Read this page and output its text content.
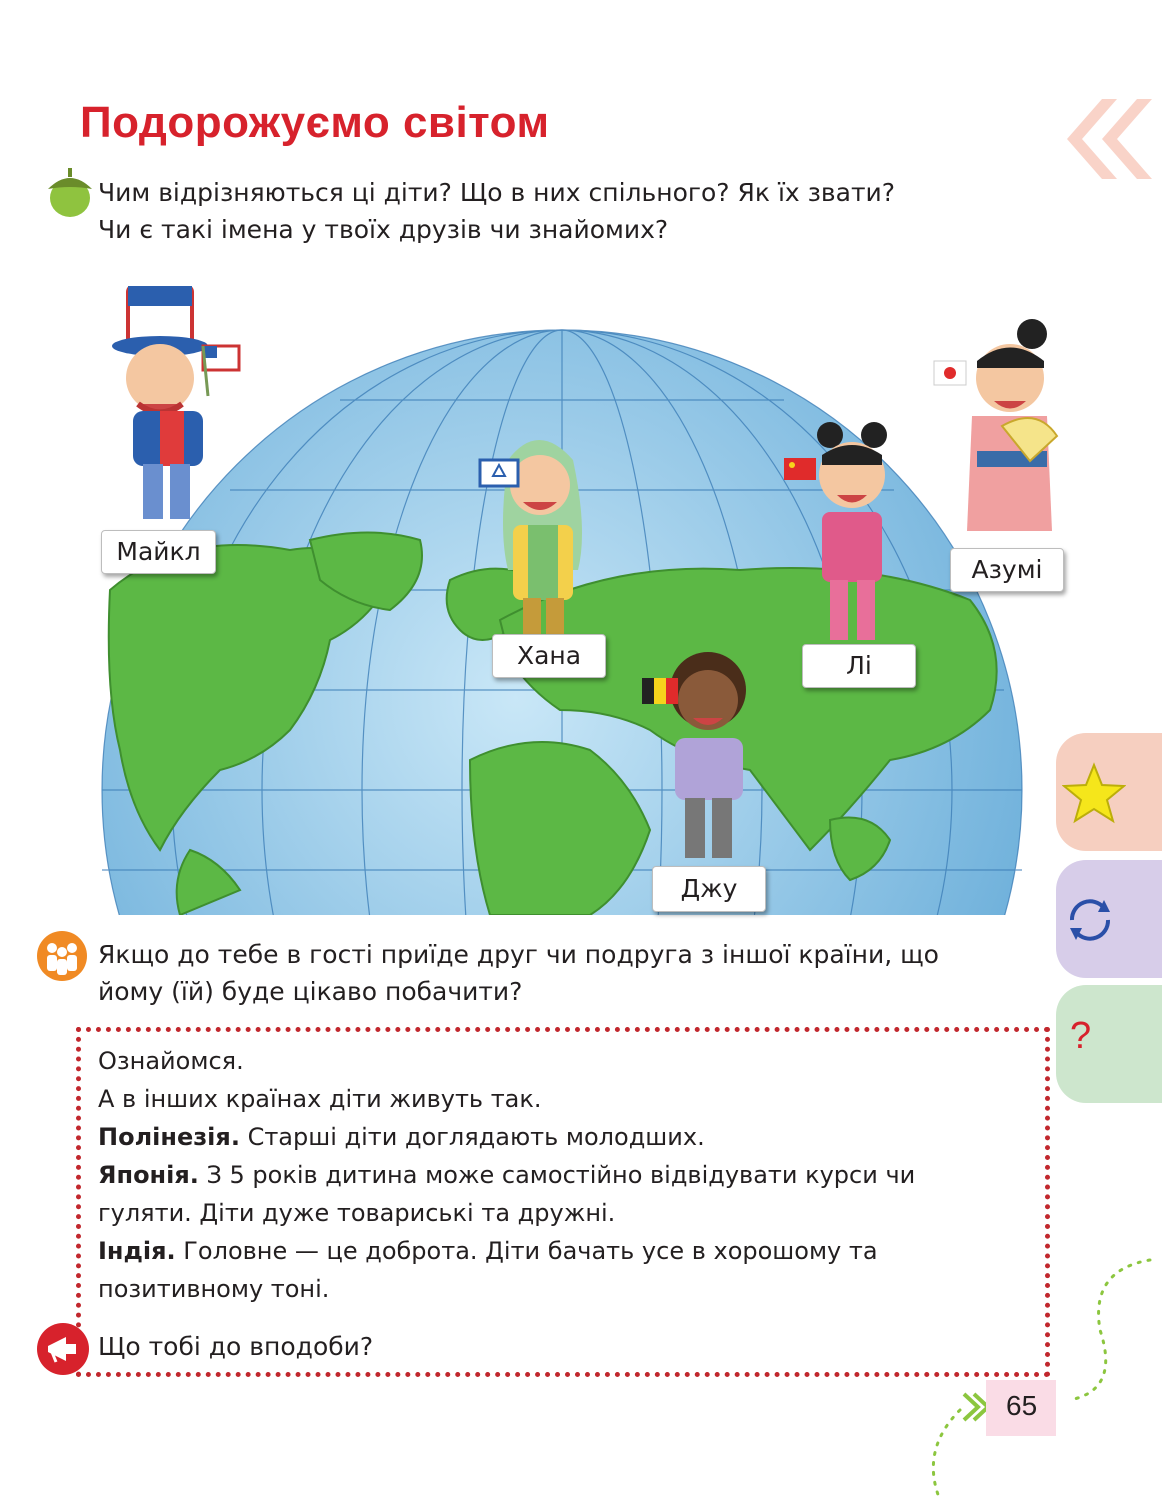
Подорожуємо світом
Чим відрізняються ці діти? Що в них спільного? Як їх звати?
Чи є такі імена у твоїх друзів чи знайомих?
Майкл
Хана	Лі
Азумі
Джу
?
Якщо до тебе в гості приїде друг чи подруга з іншої країни, що
йому (їй) буде цікаво побачити?
Ознайомся.
А в інших країнах діти живуть так.
Полінезія. Старші діти доглядають молодших.
Японія. З 5 років дитина може самостійно відвідувати курси чи
гуляти. Діти дуже товариські та дружні.
Індія. Головне — це доброта. Діти бачать усе в хорошому та
позитивному тоні.
Що тобі до вподоби?
65
